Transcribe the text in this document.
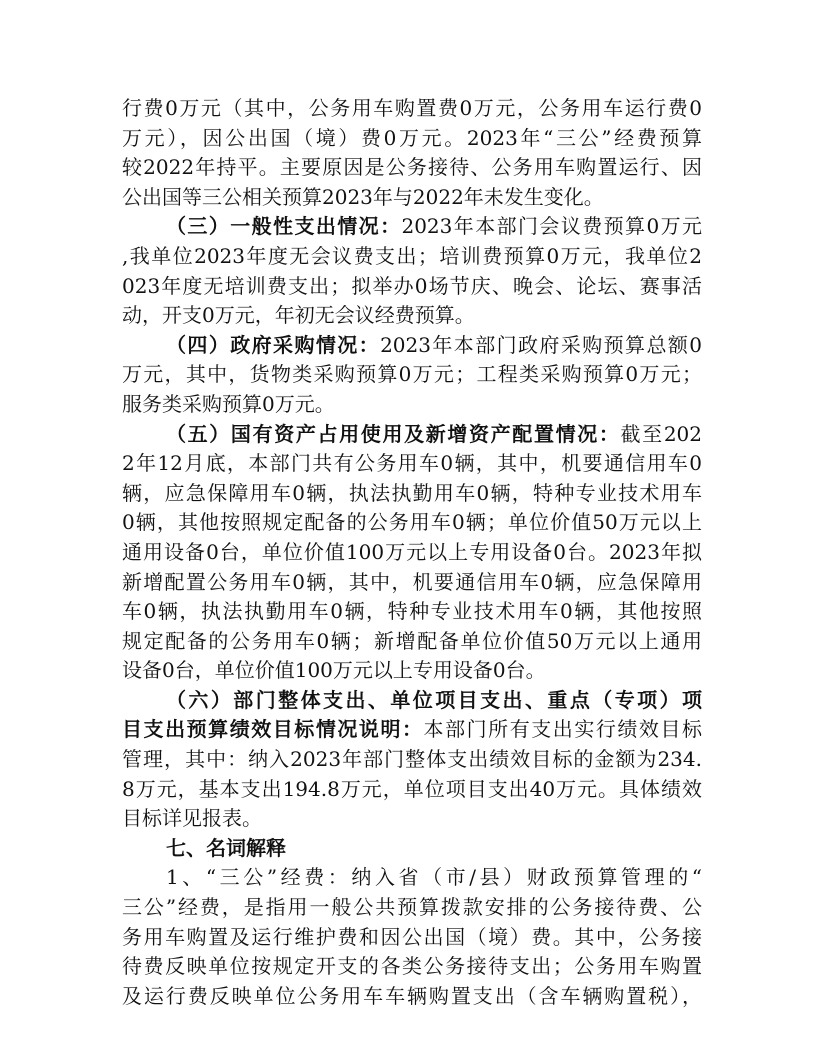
行费0万元（其中，公务用车购置费0万元，公务用车运行费0
万元），因公出国（境）费0万元。2023年“三公”经费预算
较2022年持平。主要原因是公务接待、公务用车购置运行、因
公出国等三公相关预算2023年与2022年未发生变化。
（三）一般性支出情况：2023年本部门会议费预算0万元
,我单位2023年度无会议费支出；培训费预算0万元，我单位2
023年度无培训费支出；拟举办0场节庆、晚会、论坛、赛事活
动，开支0万元，年初无会议经费预算。
（四）政府采购情况：2023年本部门政府采购预算总额0
万元，其中，货物类采购预算0万元；工程类采购预算0万元；
服务类采购预算0万元。
（五）国有资产占用使用及新增资产配置情况：截至202
2年12月底，本部门共有公务用车0辆，其中，机要通信用车0
辆，应急保障用车0辆，执法执勤用车0辆，特种专业技术用车
0辆，其他按照规定配备的公务用车0辆；单位价值50万元以上
通用设备0台，单位价值100万元以上专用设备0台。2023年拟
新增配置公务用车0辆，其中，机要通信用车0辆，应急保障用
车0辆，执法执勤用车0辆，特种专业技术用车0辆，其他按照
规定配备的公务用车0辆；新增配备单位价值50万元以上通用
设备0台，单位价值100万元以上专用设备0台。
（六）部门整体支出、单位项目支出、重点（专项）项
目支出预算绩效目标情况说明：本部门所有支出实行绩效目标
管理，其中：纳入2023年部门整体支出绩效目标的金额为234.
8万元，基本支出194.8万元，单位项目支出40万元。具体绩效
目标详见报表。
七、名词解释
1、“三公”经费：纳入省（市/县）财政预算管理的“
三公”经费，是指用一般公共预算拨款安排的公务接待费、公
务用车购置及运行维护费和因公出国（境）费。其中，公务接
待费反映单位按规定开支的各类公务接待支出；公务用车购置
及运行费反映单位公务用车车辆购置支出（含车辆购置税），
